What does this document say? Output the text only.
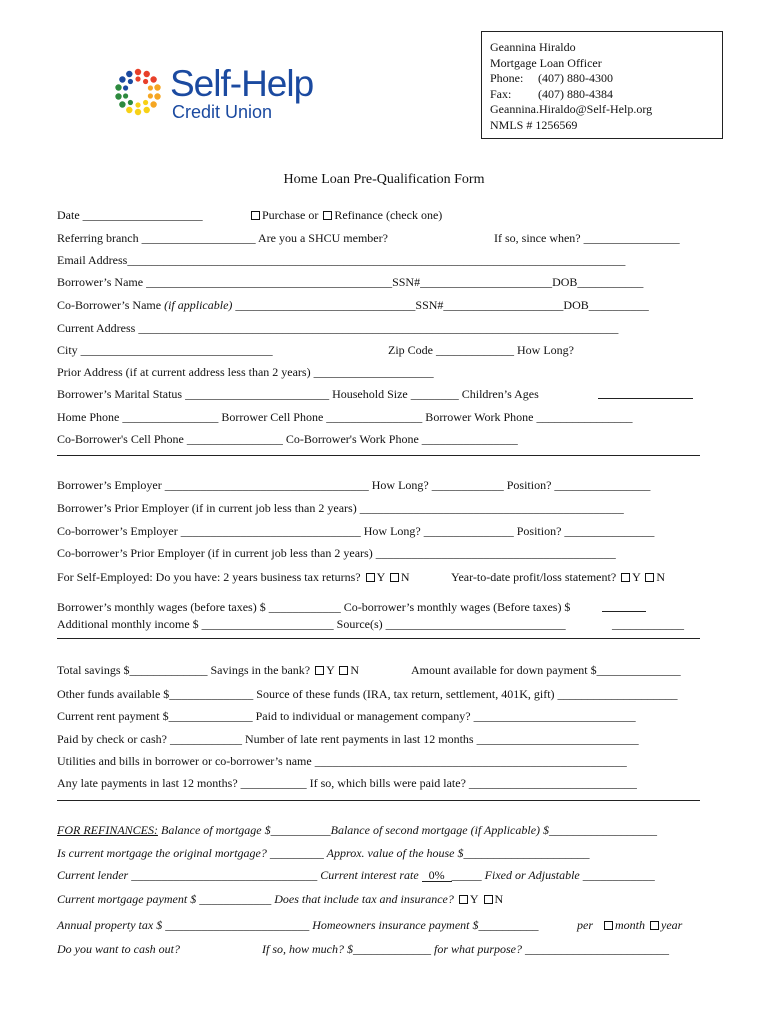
Geannina Hiraldo
Mortgage Loan Officer
Phone: (407) 880-4300
Fax: (407) 880-4384
Geannina.Hiraldo@Self-Help.org
NMLS # 1256569
Self-Help
Credit Union
Home Loan Pre-Qualification Form
Date ____________________	Purchase or Refinance (check one)
Referring branch ___________________ Are you a SHCU member?	If so, since when? ________________
Email Address___________________________________________________________________________________
Borrower’s Name _________________________________________SSN#______________________DOB___________
Co-Borrower’s Name (if applicable) ______________________________SSN#____________________DOB__________
Current Address ________________________________________________________________________________
City ________________________________	Zip Code _____________ How Long?
Prior Address (if at current address less than 2 years) ____________________
Borrower’s Marital Status ________________________ Household Size ________ Children’s Ages
Home Phone ________________ Borrower Cell Phone ________________ Borrower Work Phone ________________
Co-Borrower's Cell Phone ________________ Co-Borrower's Work Phone ________________
Borrower’s Employer __________________________________ How Long? ____________ Position? ________________
Borrower’s Prior Employer (if in current job less than 2 years) ____________________________________________
Co-borrower’s Employer ______________________________ How Long? _______________ Position? _______________
Co-borrower’s Prior Employer (if in current job less than 2 years) ________________________________________
For Self-Employed: Do you have: 2 years business tax returns? Y N	Year-to-date profit/loss statement? Y N
Borrower’s monthly wages (before taxes) $ ____________ Co-borrower’s monthly wages (Before taxes) $
Additional monthly income $ ______________________ Source(s) ______________________________	____________
Total savings $_____________ Savings in the bank? Y N	Amount available for down payment $______________
Other funds available $______________ Source of these funds (IRA, tax return, settlement, 401K, gift) ____________________
Current rent payment $______________ Paid to individual or management company? ___________________________
Paid by check or cash? ____________ Number of late rent payments in last 12 months ___________________________
Utilities and bills in borrower or co-borrower’s name ____________________________________________________
Any late payments in last 12 months? ___________ If so, which bills were paid late? ____________________________
FOR REFINANCES: Balance of mortgage $__________Balance of second mortgage (if Applicable) $__________________
Is current mortgage the original mortgage? _________ Approx. value of the house $_____________________
Current lender _______________________________ Current interest rate 0% _____ Fixed or Adjustable ____________
Current mortgage payment $ ____________ Does that include tax and insurance? Y N
Annual property tax $ ________________________ Homeowners insurance payment $__________	per month year
Do you want to cash out?	If so, how much? $_____________ for what purpose? ________________________
